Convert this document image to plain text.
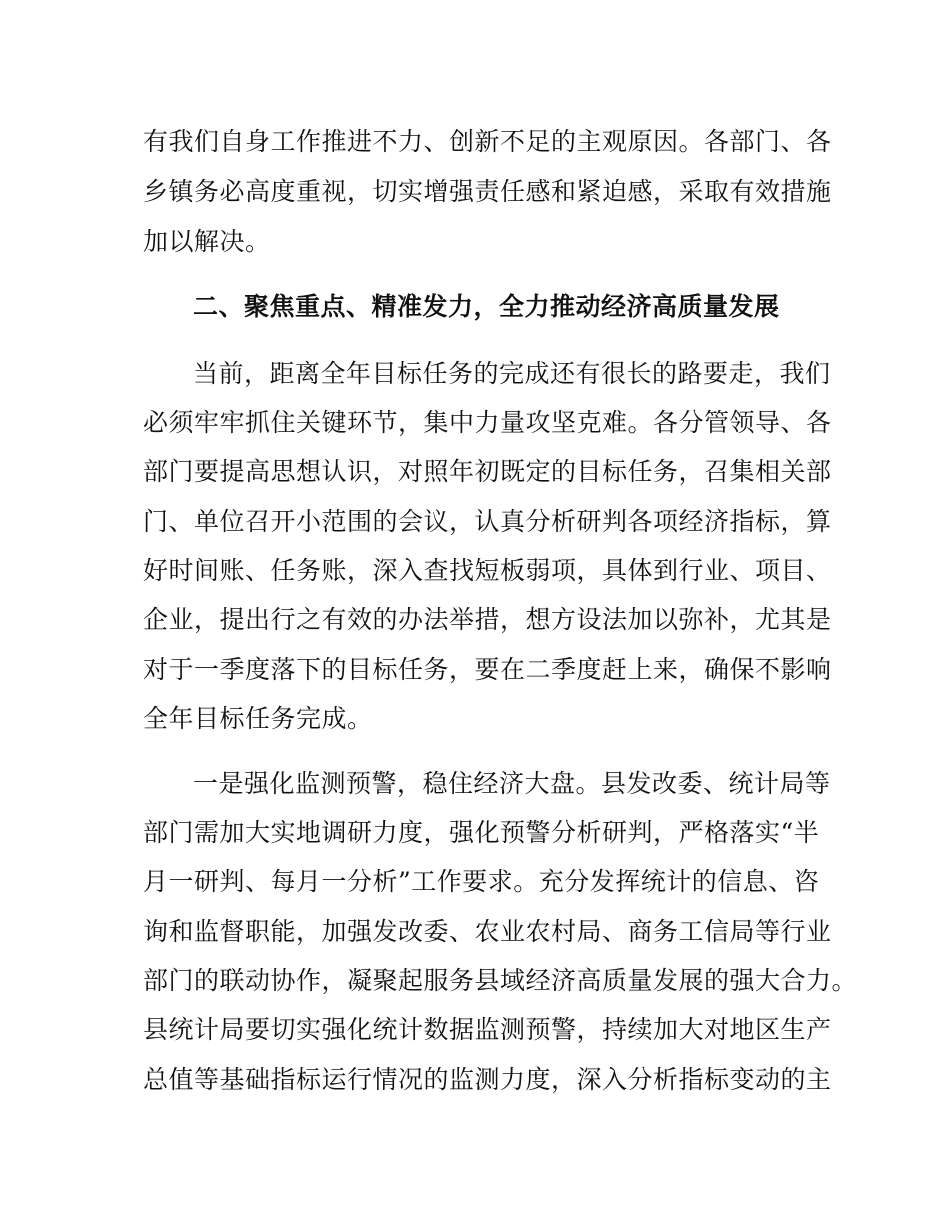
有我们自身工作推进不力、创新不足的主观原因。各部门、各
乡镇务必高度重视，切实增强责任感和紧迫感，采取有效措施
加以解决。
二、聚焦重点、精准发力，全力推动经济高质量发展
当前，距离全年目标任务的完成还有很长的路要走，我们
必须牢牢抓住关键环节，集中力量攻坚克难。各分管领导、各
部门要提高思想认识，对照年初既定的目标任务，召集相关部
门、单位召开小范围的会议，认真分析研判各项经济指标，算
好时间账、任务账，深入查找短板弱项，具体到行业、项目、
企业，提出行之有效的办法举措，想方设法加以弥补，尤其是
对于一季度落下的目标任务，要在二季度赶上来，确保不影响
全年目标任务完成。
一是强化监测预警，稳住经济大盘。县发改委、统计局等
部门需加大实地调研力度，强化预警分析研判，严格落实“半
月一研判、每月一分析”工作要求。充分发挥统计的信息、咨
询和监督职能，加强发改委、农业农村局、商务工信局等行业
部门的联动协作，凝聚起服务县域经济高质量发展的强大合力。
县统计局要切实强化统计数据监测预警，持续加大对地区生产
总值等基础指标运行情况的监测力度，深入分析指标变动的主
